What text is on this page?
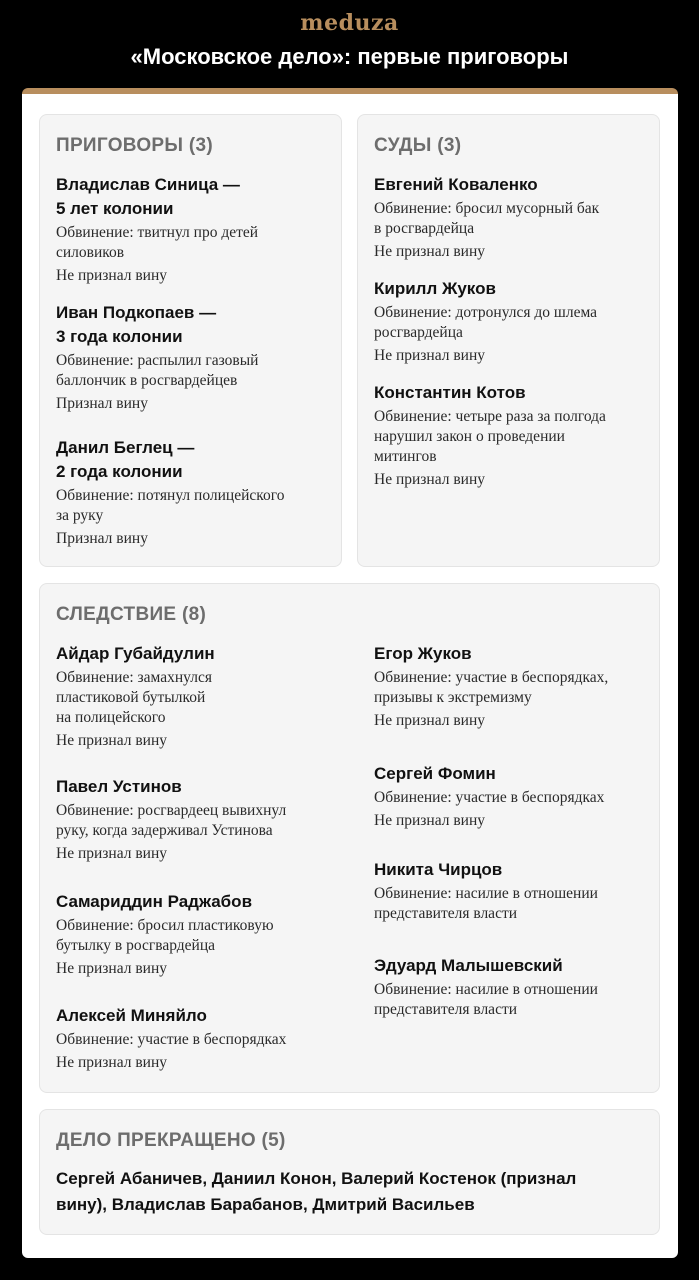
meduza
«Московское дело»: первые приговоры
ПРИГОВОРЫ (3)

Владислав Синица —
5 лет колонии

Обвинение: твитнул про детей
силовиков

Не признал вину

Иван Подкопаев —
3 года колонии

Обвинение: распылил газовый
баллончик в росгвардейцев

Признал вину

Данил Беглец —
2 года колонии

Обвинение: потянул полицейского
за руку

Признал вину

СУДЫ (3)

Евгений Коваленко

Обвинение: бросил мусорный бак
в росгвардейца

Не признал вину

Кирилл Жуков

Обвинение: дотронулся до шлема
росгвардейца

Не признал вину

Константин Котов

Обвинение: четыре раза за полгода
нарушил закон о проведении
митингов

Не признал вину

СЛЕДСТВИЕ (8)

Айдар Губайдулин

Обвинение: замахнулся
пластиковой бутылкой
на полицейского

Не признал вину

Павел Устинов

Обвинение: росгвардеец вывихнул
руку, когда задерживал Устинова

Не признал вину

Самариддин Раджабов

Обвинение: бросил пластиковую
бутылку в росгвардейца

Не признал вину

Алексей Миняйло

Обвинение: участие в беспорядках

Не признал вину

Егор Жуков

Обвинение: участие в беспорядках,
призывы к экстремизму

Не признал вину

Сергей Фомин

Обвинение: участие в беспорядках

Не признал вину

Никита Чирцов

Обвинение: насилие в отношении
представителя власти

Эдуард Малышевский

Обвинение: насилие в отношении
представителя власти

ДЕЛО ПРЕКРАЩЕНО (5)

Сергей Абаничев, Даниил Конон, Валерий Костенок (признал
вину), Владислав Барабанов, Дмитрий Васильев
